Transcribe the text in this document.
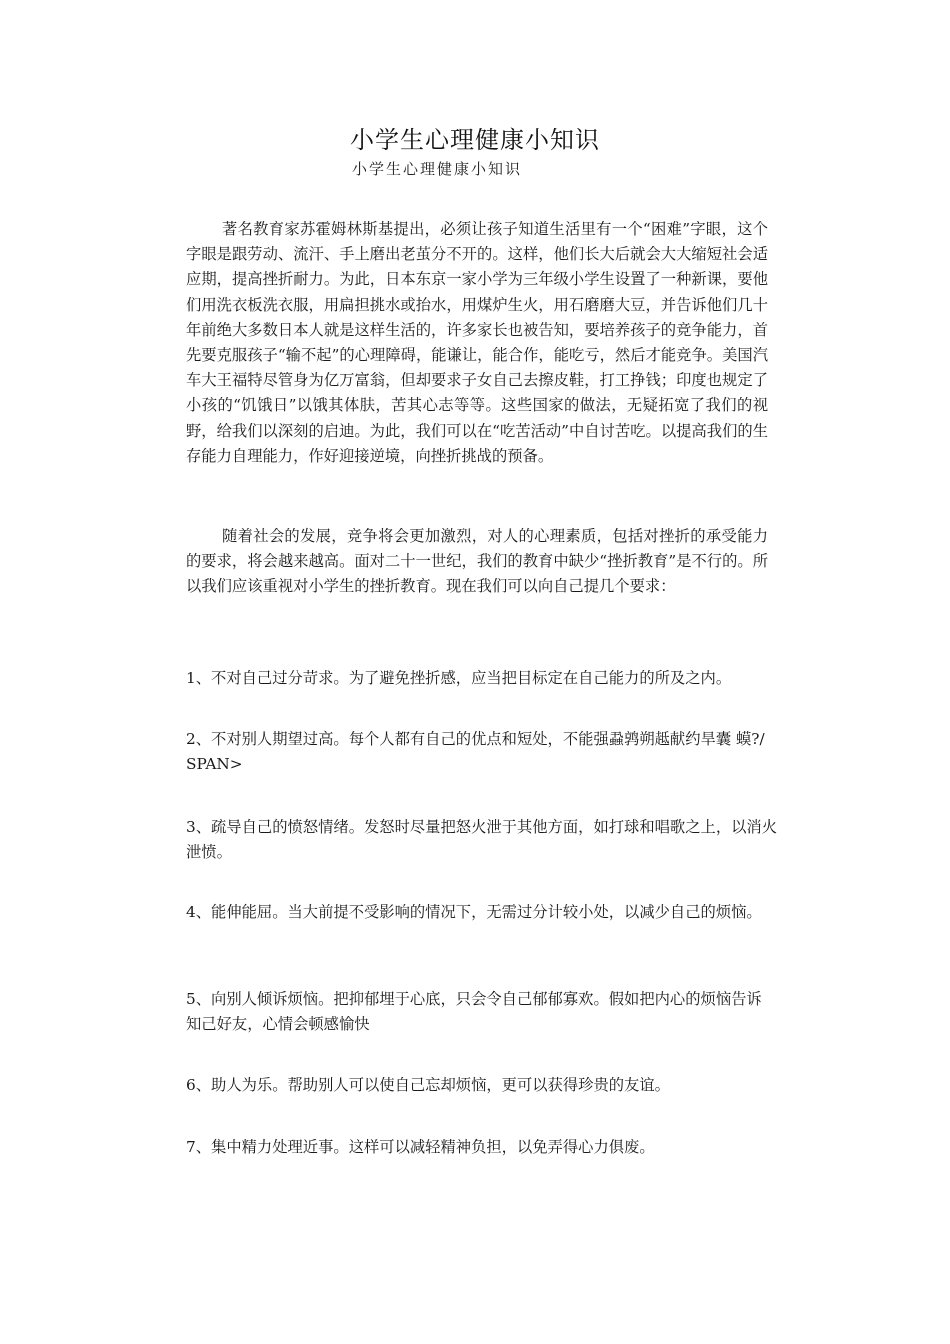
小学生心理健康小知识
小学生心理健康小知识
著名教育家苏霍姆林斯基提出，必须让孩子知道生活里有一个“困难”字眼，这个字眼是跟劳动、流汗、手上磨出老茧分不开的。这样，他们长大后就会大大缩短社会适应期，提高挫折耐力。为此，日本东京一家小学为三年级小学生设置了一种新课，要他们用洗衣板洗衣服，用扁担挑水或抬水，用煤炉生火，用石磨磨大豆，并告诉他们几十年前绝大多数日本人就是这样生活的，许多家长也被告知，要培养孩子的竞争能力，首先要克服孩子“输不起”的心理障碍，能谦让，能合作，能吃亏，然后才能竞争。美国汽车大王福特尽管身为亿万富翁，但却要求子女自己去擦皮鞋，打工挣钱；印度也规定了小孩的“饥饿日”以饿其体肤，苦其心志等等。这些国家的做法，无疑拓宽了我们的视野，给我们以深刻的启迪。为此，我们可以在“吃苦活动”中自讨苦吃。以提高我们的生存能力自理能力，作好迎接逆境，向挫折挑战的预备。
随着社会的发展，竞争将会更加激烈，对人的心理素质，包括对挫折的承受能力的要求，将会越来越高。面对二十一世纪，我们的教育中缺少“挫折教育”是不行的。所以我们应该重视对小学生的挫折教育。现在我们可以向自己提几个要求：
1、不对自己过分苛求。为了避免挫折感，应当把目标定在自己能力的所及之内。
2、不对别人期望过高。每个人都有自己的优点和短处，不能强蝨鹑朔趆献约旱囊 蟆?/SPAN>
3、疏导自己的愤怒情绪。发怒时尽量把怒火泄于其他方面，如打球和唱歌之上，以消火泄愤。
4、能伸能屈。当大前提不受影响的情况下，无需过分计较小处，以减少自己的烦恼。
5、向别人倾诉烦恼。把抑郁埋于心底，只会令自己郁郁寡欢。假如把内心的烦恼告诉知己好友，心情会顿感愉快
6、助人为乐。帮助别人可以使自己忘却烦恼，更可以获得珍贵的友谊。
7、集中精力处理近事。这样可以减轻精神负担，以免弄得心力俱废。
